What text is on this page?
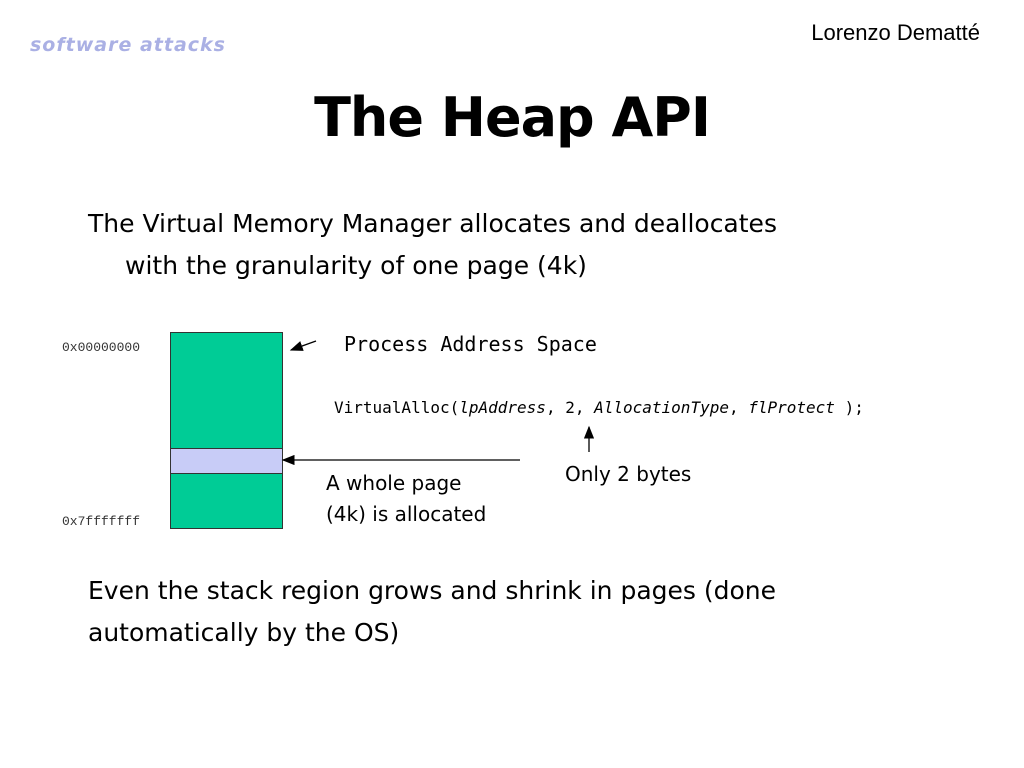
software attacks	Lorenzo Dematté
The Heap API
The Virtual Memory Manager allocates and deallocates
with the granularity of one page (4k)
0x00000000
0x7fffffff
Process Address Space
VirtualAlloc(lpAddress, 2, AllocationType, flProtect );
Only 2 bytes
A whole page
(4k) is allocated
Even the stack region grows and shrink in pages (done automatically by the OS)
